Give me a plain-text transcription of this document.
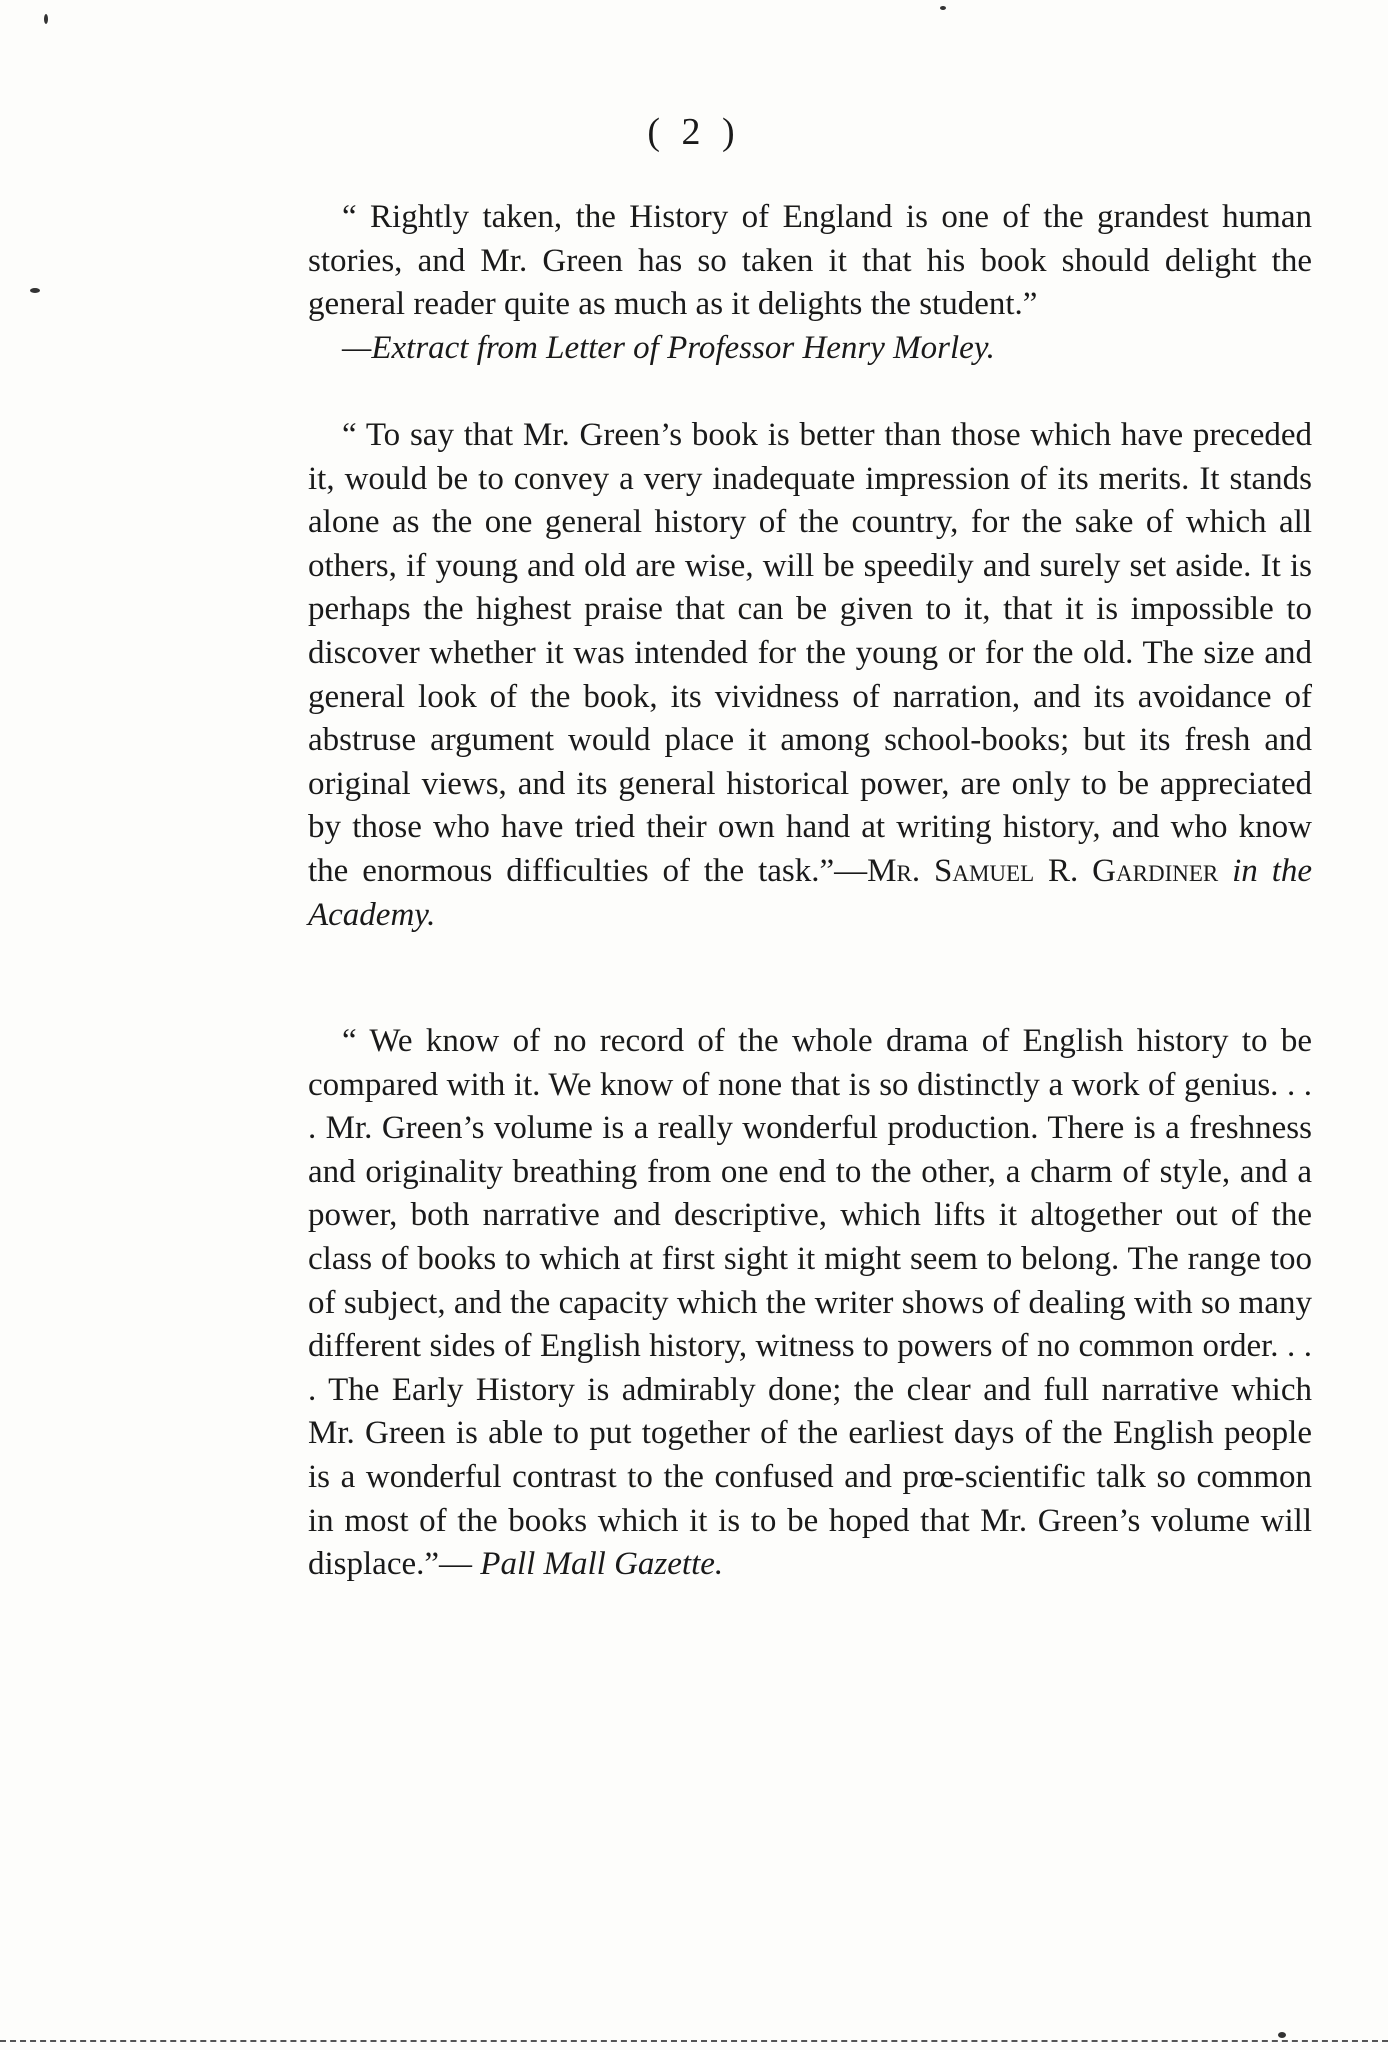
( 2 )

“ Rightly taken, the History of England is one of the grandest human stories, and Mr. Green has so taken it that his book should delight the general reader quite as much as it delights the student.”
—Extract from Letter of Professor Henry Morley.

“ To say that Mr. Green’s book is better than those which have preceded it, would be to convey a very inadequate impression of its merits. It stands alone as the one general history of the country, for the sake of which all others, if young and old are wise, will be speedily and surely set aside. It is perhaps the highest praise that can be given to it, that it is impossible to discover whether it was intended for the young or for the old. The size and general look of the book, its vividness of narration, and its avoidance of abstruse argument would place it among school-books; but its fresh and original views, and its general historical power, are only to be appreciated by those who have tried their own hand at writing history, and who know the enormous difficulties of the task.”—Mr. Samuel R. Gardiner in the Academy.

“ We know of no record of the whole drama of English history to be compared with it. We know of none that is so distinctly a work of genius. . . . Mr. Green’s volume is a really wonderful production. There is a freshness and originality breathing from one end to the other, a charm of style, and a power, both narrative and descriptive, which lifts it altogether out of the class of books to which at first sight it might seem to belong. The range too of subject, and the capacity which the writer shows of dealing with so many different sides of English history, witness to powers of no common order. . . . The Early History is admirably done; the clear and full narrative which Mr. Green is able to put together of the earliest days of the English people is a wonderful contrast to the confused and prœ-scientific talk so common in most of the books which it is to be hoped that Mr. Green’s volume will displace.”— Pall Mall Gazette.
